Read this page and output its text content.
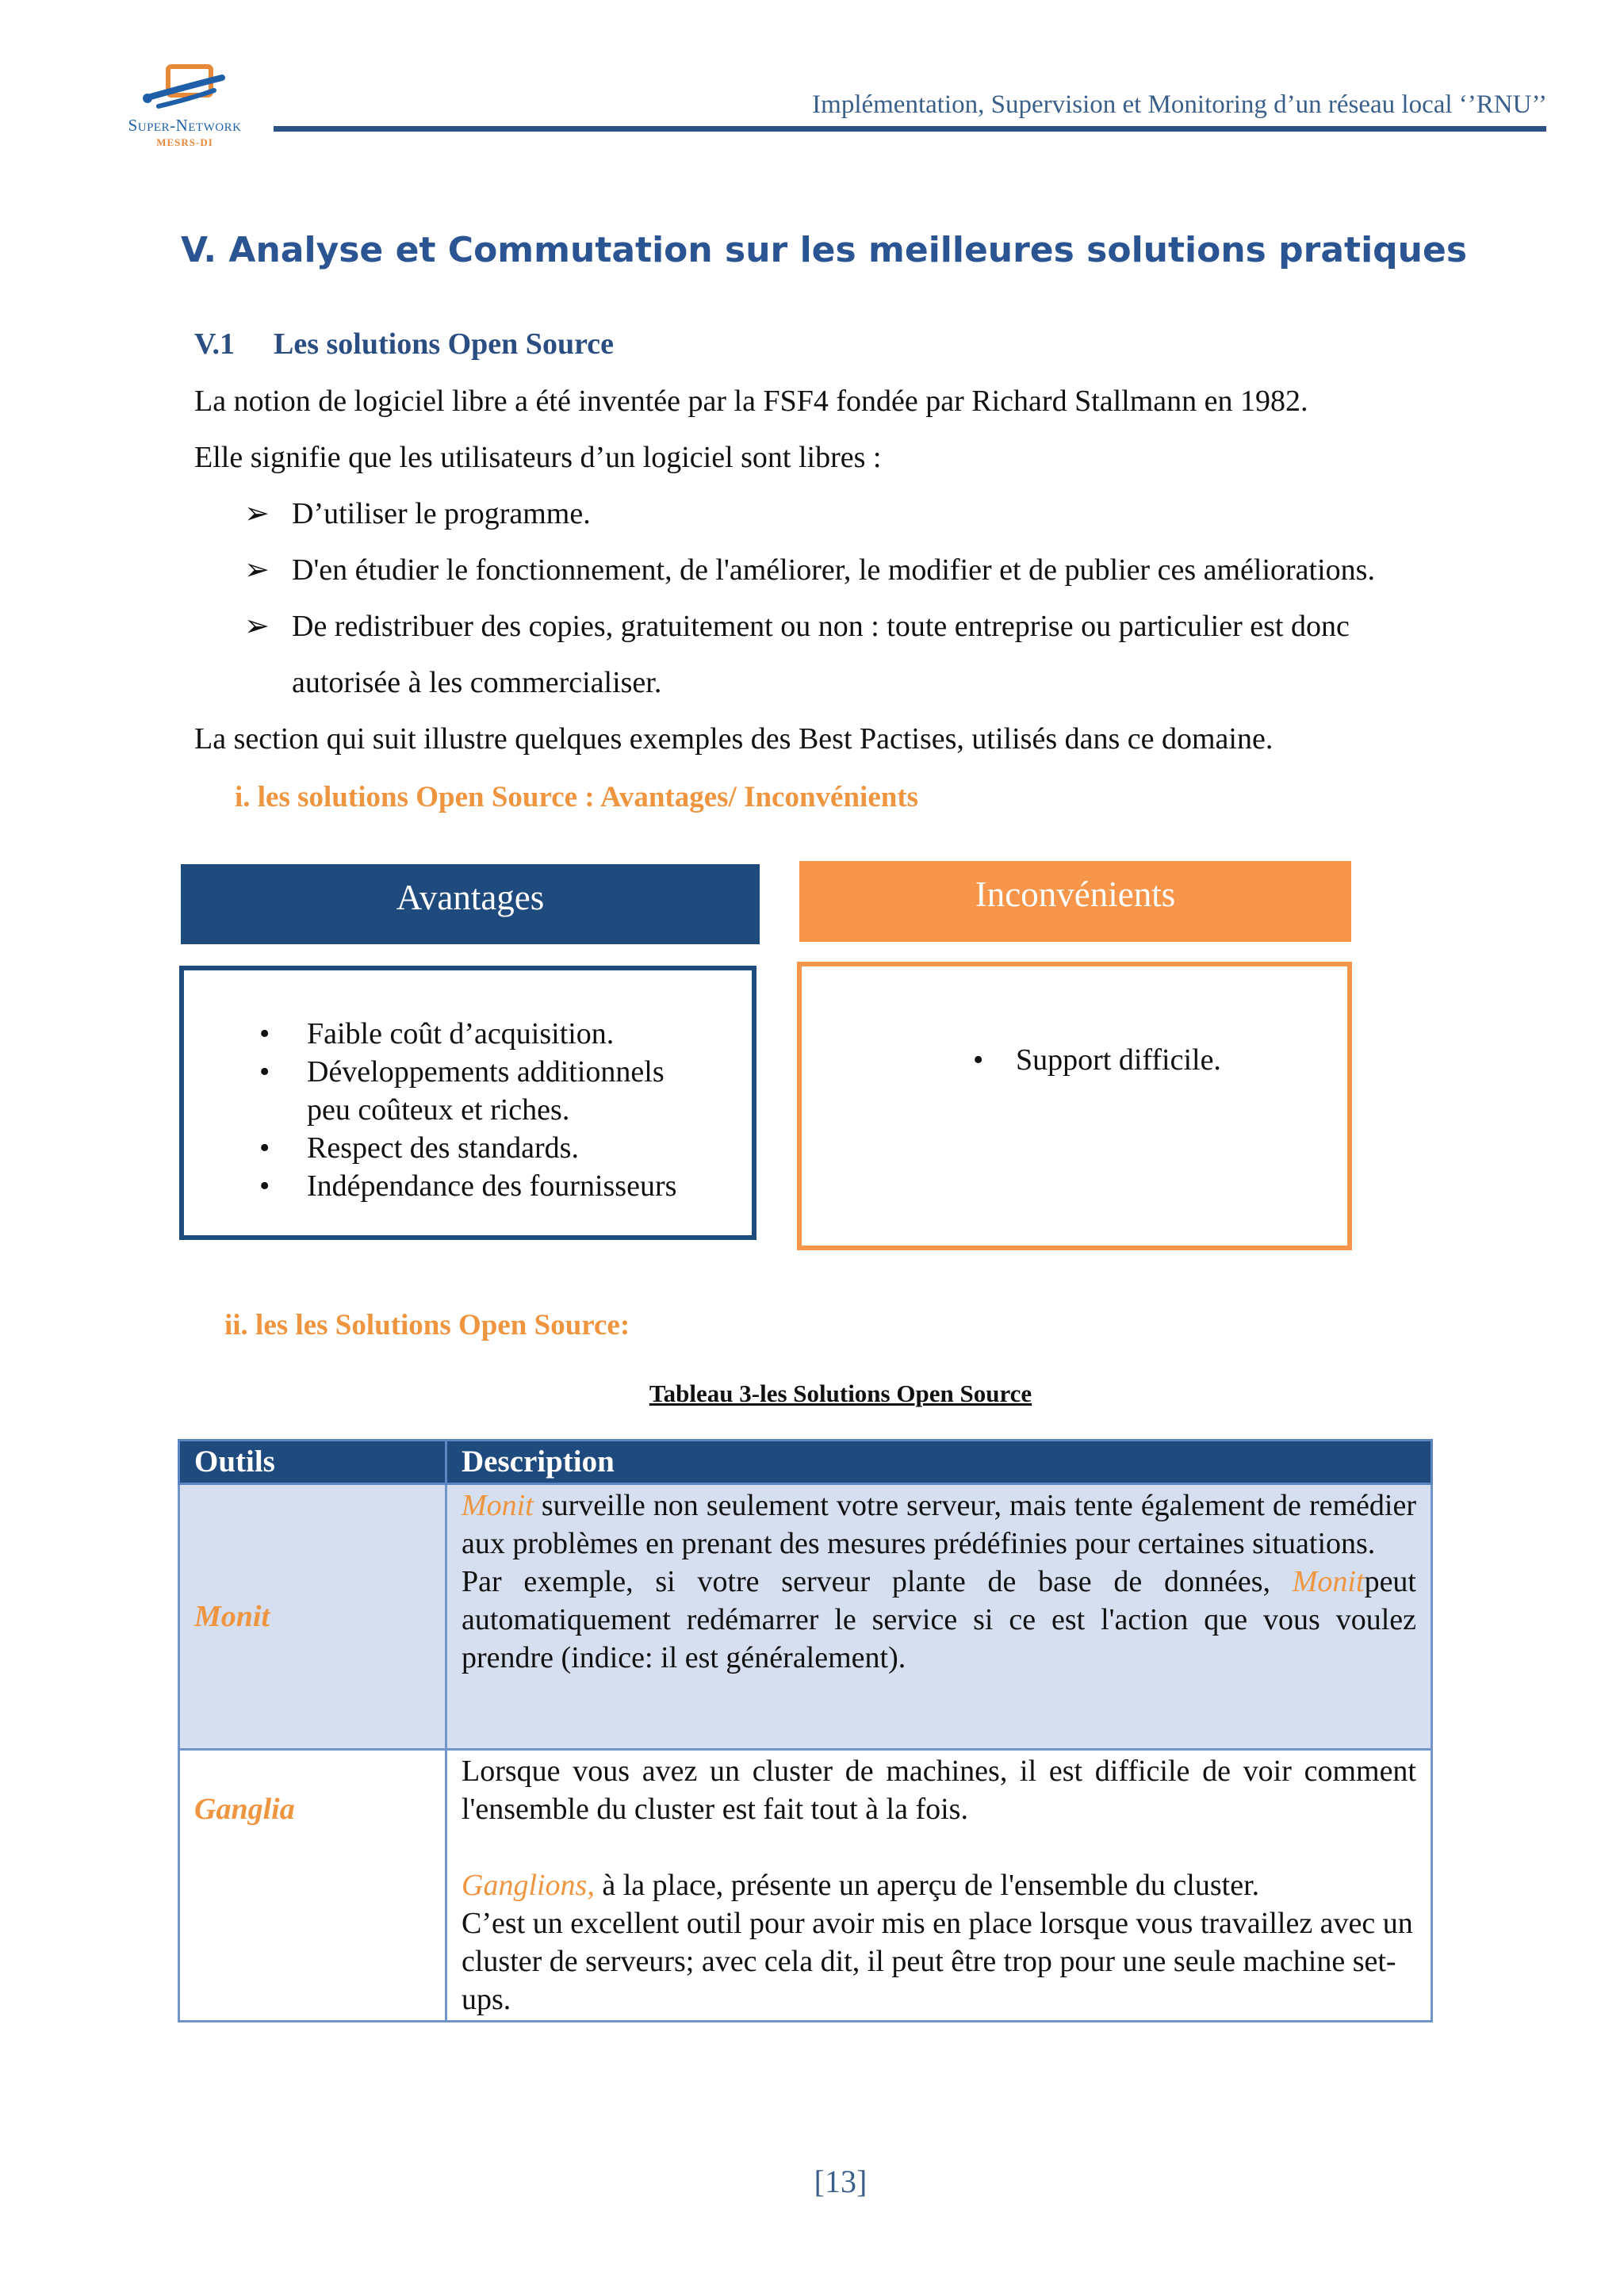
Super-Network
MESRS-DI
Implémentation, Supervision et Monitoring d’un réseau local ‘’RNU’’
V. Analyse et Commutation sur les meilleures solutions pratiques
V.1 Les solutions Open Source
La notion de logiciel libre a été inventée par la FSF4 fondée par Richard Stallmann en 1982.
Elle signifie que les utilisateurs d’un logiciel sont libres :
➢ D’utiliser le programme.
➢ D'en étudier le fonctionnement, de l'améliorer, le modifier et de publier ces améliorations.
➢ De redistribuer des copies, gratuitement ou non : toute entreprise ou particulier est donc
autorisée à les commercialiser.
La section qui suit illustre quelques exemples des Best Pactises, utilisés dans ce domaine.
i. les solutions Open Source : Avantages/ Inconvénients
Avantages	Inconvénients
• Faible coût d’acquisition.
• Développements additionnels
peu coûteux et riches.
• Respect des standards.
• Indépendance des fournisseurs
• Support difficile.
ii. les les Solutions Open Source:
Tableau 3-les Solutions Open Source
Outils	Description
Monit	Monit surveille non seulement votre serveur, mais tente également de remédier aux problèmes en prenant des mesures prédéfinies pour certaines situations.
Par exemple, si votre serveur plante de base de données, Monitpeut automatiquement redémarrer le service si ce est l'action que vous voulez prendre (indice: il est généralement).
Ganglia	Lorsque vous avez un cluster de machines, il est difficile de voir comment l'ensemble du cluster est fait tout à la fois.
Ganglions, à la place, présente un aperçu de l'ensemble du cluster.
C’est un excellent outil pour avoir mis en place lorsque vous travaillez avec un cluster de serveurs; avec cela dit, il peut être trop pour une seule machine set-ups.
[13]
